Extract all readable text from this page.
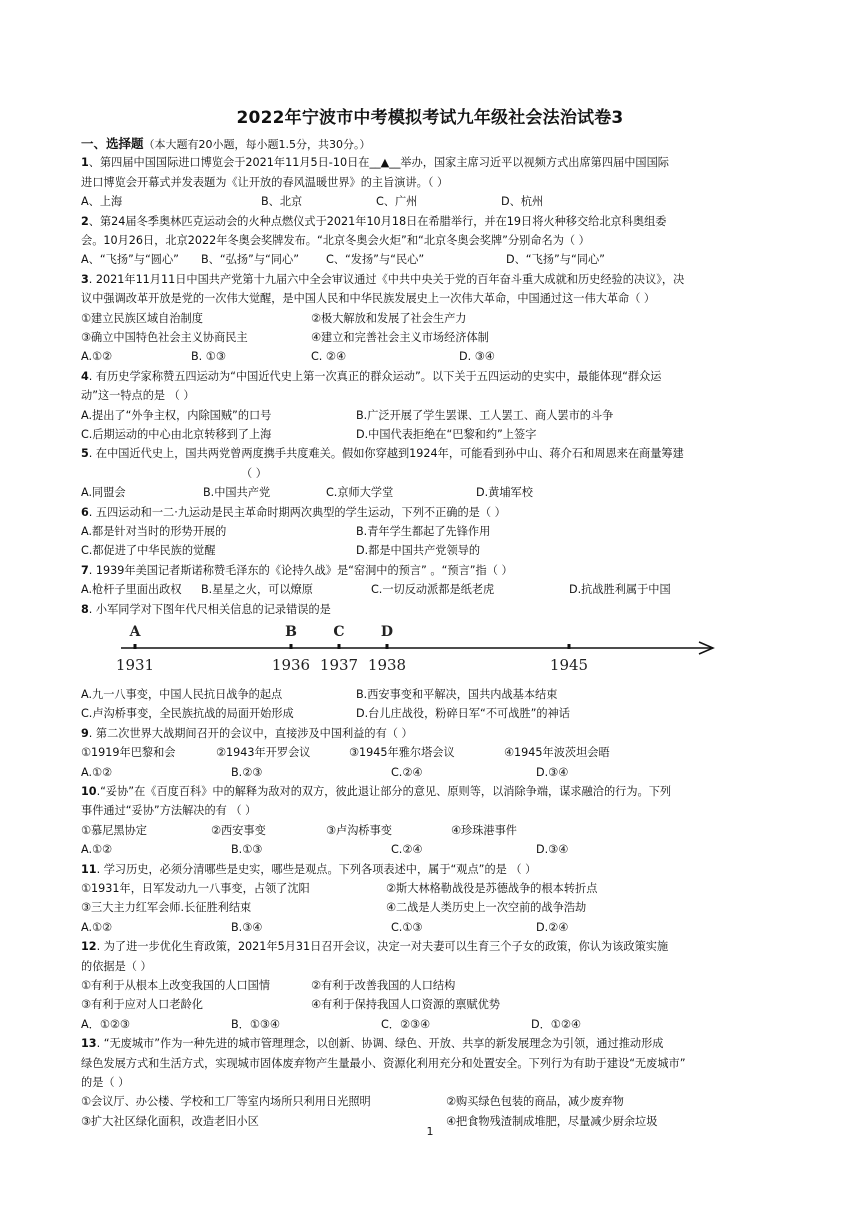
2022年宁波市中考模拟考试九年级社会法治试卷3
一、选择题（本大题有20小题，每小题1.5分，共30分。）
1、第四届中国国际进口博览会于2021年11月5日-10日在__▲__举办，国家主席习近平以视频方式出席第四届中国国际
进口博览会开幕式并发表题为《让开放的春风温暖世界》的主旨演讲。（ ）
A、上海	B、北京	C、广州	D、杭州
2、第24届冬季奥林匹克运动会的火种点燃仪式于2021年10月18日在希腊举行，并在19日将火种移交给北京科奥组委
会。10月26日，北京2022年冬奥会奖牌发布。“北京冬奥会火炬”和“北京冬奥会奖牌”分别命名为（ ）
A、“飞扬”与“圆心” B、“弘扬”与“同心” C、“发扬”与“民心”	D、“飞扬”与“同心”
3. 2021年11月11日中国共产党第十九届六中全会审议通过《中共中央关于党的百年奋斗重大成就和历史经验的决议》，决
议中强调改革开放是党的一次伟大觉醒，是中国人民和中华民族发展史上一次伟大革命，中国通过这一伟大革命（ ）
①建立民族区域自治制度	②极大解放和发展了社会生产力
③确立中国特色社会主义协商民主	④建立和完善社会主义市场经济体制
A.①②	B. ①③	C. ②④	D. ③④
4. 有历史学家称赞五四运动为“中国近代史上第一次真正的群众运动”。以下关于五四运动的史实中，最能体现“群众运
动”这一特点的是 （ ）
A.提出了“外争主权，内除国贼”的口号	B.广泛开展了学生罢课、工人罢工、商人罢市的斗争
C.后期运动的中心由北京转移到了上海	D.中国代表拒绝在“巴黎和约”上签字
5. 在中国近代史上，国共两党曾两度携手共度难关。假如你穿越到1924年，可能看到孙中山、蒋介石和周恩来在商量筹建
（ ）
A.同盟会	B.中国共产党	C.京师大学堂	D.黄埔军校
6. 五四运动和一二·九运动是民主革命时期两次典型的学生运动，下列不正确的是（ ）
A.都是针对当时的形势开展的	B.青年学生都起了先锋作用
C.都促进了中华民族的觉醒	D.都是中国共产党领导的
7. 1939年美国记者斯诺称赞毛泽东的《论持久战》是“窑洞中的预言” 。“预言”指（ ）
A.枪杆子里面出政权 B.星星之火，可以燎原	C.一切反动派都是纸老虎	D.抗战胜利属于中国
8. 小军同学对下图年代尺相关信息的记录错误的是
1931
A
1936
B
1937
C
1938
D
1945
A.九一八事变，中国人民抗日战争的起点	B.西安事变和平解决，国共内战基本结束
C.卢沟桥事变，全民族抗战的局面开始形成	D.台儿庄战役，粉碎日军“不可战胜”的神话
9. 第二次世界大战期间召开的会议中，直接涉及中国利益的有（ ）
①1919年巴黎和会	②1943年开罗会议	③1945年雅尔塔会议	④1945年波茨坦会晤
A.①②	B.②③	C.②④	D.③④
10.“妥协”在《百度百科》中的解释为敌对的双方，彼此退让部分的意见、原则等，以消除争端，谋求融洽的行为。下列
事件通过“妥协”方法解决的有 （ ）
①慕尼黑协定	②西安事变	③卢沟桥事变	④珍珠港事件
A.①②	B.①③	C.②④	D.③④
11. 学习历史，必须分清哪些是史实，哪些是观点。下列各项表述中，属于“观点”的是 （ ）
①1931年，日军发动九一八事变，占领了沈阳	②斯大林格勒战役是苏德战争的根本转折点
③三大主力红军会师.长征胜利结束	④二战是人类历史上一次空前的战争浩劫
A.①②	B.③④	C.①③	D.②④
12. 为了进一步优化生育政策，2021年5月31日召开会议，决定一对夫妻可以生育三个子女的政策，你认为该政策实施
的依据是（ ）
①有利于从根本上改变我国的人口国情	②有利于改善我国的人口结构
③有利于应对人口老龄化	④有利于保持我国人口资源的禀赋优势
A．①②③	B．①③④	C．②③④	D．①②④
13. “无废城市”作为一种先进的城市管理理念，以创新、协调、绿色、开放、共享的新发展理念为引领，通过推动形成
绿色发展方式和生活方式，实现城市固体废弃物产生量最小、资源化利用充分和处置安全。下列行为有助于建设“无废城市”
的是（ ）
①会议厅、办公楼、学校和工厂等室内场所只利用日光照明	②购买绿色包装的商品，减少废弃物
③扩大社区绿化面积，改造老旧小区	④把食物残渣制成堆肥，尽量减少厨余垃圾
1
